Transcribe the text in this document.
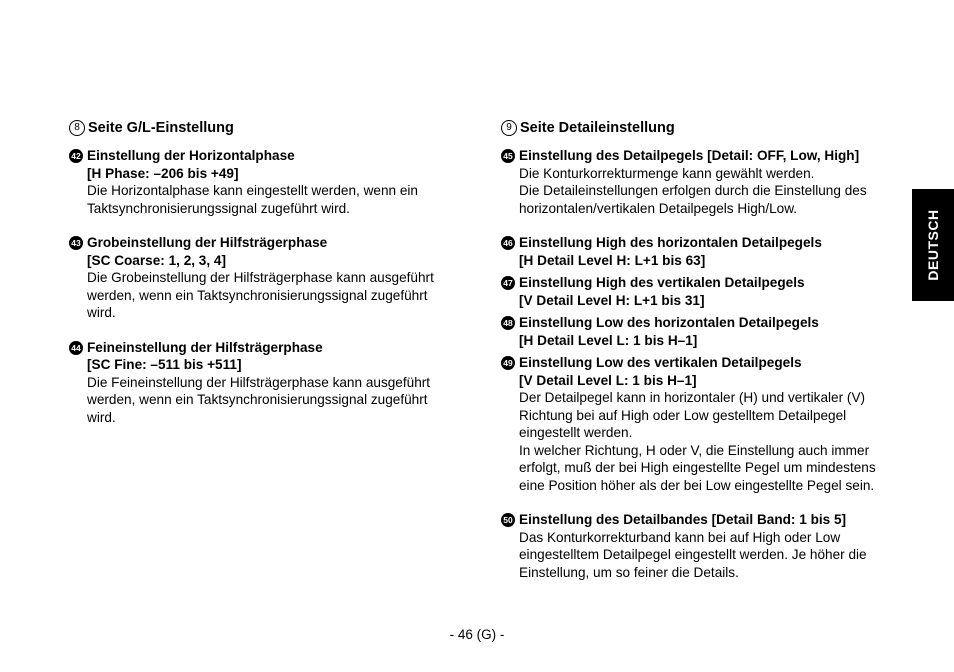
8 Seite G/L-Einstellung
42 Einstellung der Horizontalphase
[H Phase: –206 bis +49]
Die Horizontalphase kann eingestellt werden, wenn ein Taktsynchronisierungssignal zugeführt wird.
43 Grobeinstellung der Hilfsträgerphase
[SC Coarse: 1, 2, 3, 4]
Die Grobeinstellung der Hilfsträgerphase kann ausgeführt werden, wenn ein Taktsynchronisierungssignal zugeführt wird.
44 Feineinstellung der Hilfsträgerphase
[SC Fine: –511 bis +511]
Die Feineinstellung der Hilfsträgerphase kann ausgeführt werden, wenn ein Taktsynchronisierungssignal zugeführt wird.
9 Seite Detaileinstellung
45 Einstellung des Detailpegels [Detail: OFF, Low, High]
Die Konturkorrekturmenge kann gewählt werden.
Die Detaileinstellungen erfolgen durch die Einstellung des horizontalen/vertikalen Detailpegels High/Low.
46 Einstellung High des horizontalen Detailpegels
[H Detail Level H: L+1 bis 63]
47 Einstellung High des vertikalen Detailpegels
[V Detail Level H: L+1 bis 31]
48 Einstellung Low des horizontalen Detailpegels
[H Detail Level L: 1 bis H–1]
49 Einstellung Low des vertikalen Detailpegels
[V Detail Level L: 1 bis H–1]
Der Detailpegel kann in horizontaler (H) und vertikaler (V) Richtung bei auf High oder Low gestelltem Detailpegel eingestellt werden.
In welcher Richtung, H oder V, die Einstellung auch immer erfolgt, muß der bei High eingestellte Pegel um mindestens eine Position höher als der bei Low eingestellte Pegel sein.
50 Einstellung des Detailbandes [Detail Band: 1 bis 5]
Das Konturkorrekturband kann bei auf High oder Low eingestelltem Detailpegel eingestellt werden. Je höher die Einstellung, um so feiner die Details.
DEUTSCH
- 46 (G) -
